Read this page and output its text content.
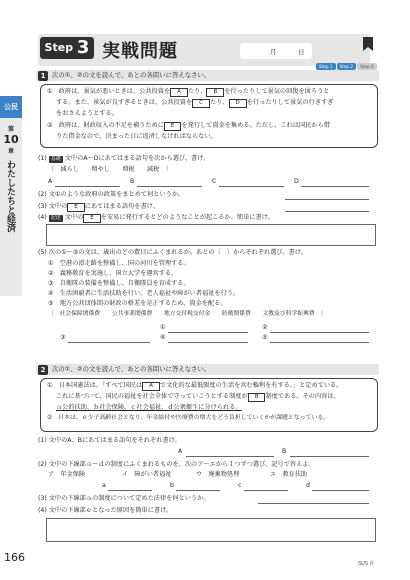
Step 3 実戦問題	月	日
Step 1 Step 2 Step 3
公民
第
10
章
わたしたちと経済
1	次の①、②の文を読んで、あとの各問いに答えなさい。
①　政府は、景気が悪いときは、公共投資を A たり、 B を行ったりして景気の回復を図ろうと
する。また、景気が良すぎるときは、公共投資を C たり、 D を行ったりして景気の行きすぎ
をおさえようとする。
②　政府は、財政収入の不足を補うために E を発行して資金を集める。ただし、これは国民から借
りた借金なので、決まった日に返済しなければならない。
(1) 基礎 文中のA～Dにあてはまる語句を次から選び、書け。
〔　減らし　　増やし　　増税　　減税　〕
A	B	C	D
(2) 文①のような政府の政策をまとめて何というか。
(3) 文中の E にあてはまる語句を書け。
(4) 記述 文中の E を安易に発行するとどのようなことが起こるか。簡単に書け。
(5) 次の①～⑤の文は、歳出のどの費目にふくまれるか。あとの〔　〕からそれぞれ選び、書け。
①　空港の滑走路を整備し、国の河川を管理する。
②　義務教育を実施し、国立大学を運営する。
③　自衛隊の装備を整備し、自衛隊員を育成する。
④　生活困窮者に生活扶助を行い、老人福祉や障がい者福祉を行う。
⑤　地方公共団体間の財政の格差を是正するため、資金を配る。
〔　社会保障関係費　　公共事業関係費　　地方交付税交付金　　防衛関係費　　文教及び科学振興費　〕
①	②
③	④	⑤
2	次の①、②の文を読んで、あとの各問いに答えなさい。
①　日本国憲法は、「すべて国民は A で文化的な最低限度の生活を営む権利を有する。」と定めている。
これに基づいて、国民の福祉を社会全体で守っていこうとする制度が B 制度である。その内容は、
ａ公的扶助、ｂ社会保険、ｃ社会福祉、ｄ公衆衛生に分けられる。
②　日本は、ｅ少子高齢社会となり、年金給付や医療費の増大をどう負担していくかが課題となっている。
(1) 文中のA、Bにあてはまる語句をそれぞれ書け。
A	B
(2) 文中の下線部ａ～ｄの制度にふくまれるものを、次のア～エから１つずつ選び、記号で答えよ。
ア　年金保険	イ　障がい者福祉	ウ　廃棄物処理	エ　教育扶助
a	b	c	d
(3) 文中の下線部ａの制度について定めた法律を何というか。
(4) 文中の下線部ｅとなった原因を簡単に書け。
166	SUS 社
